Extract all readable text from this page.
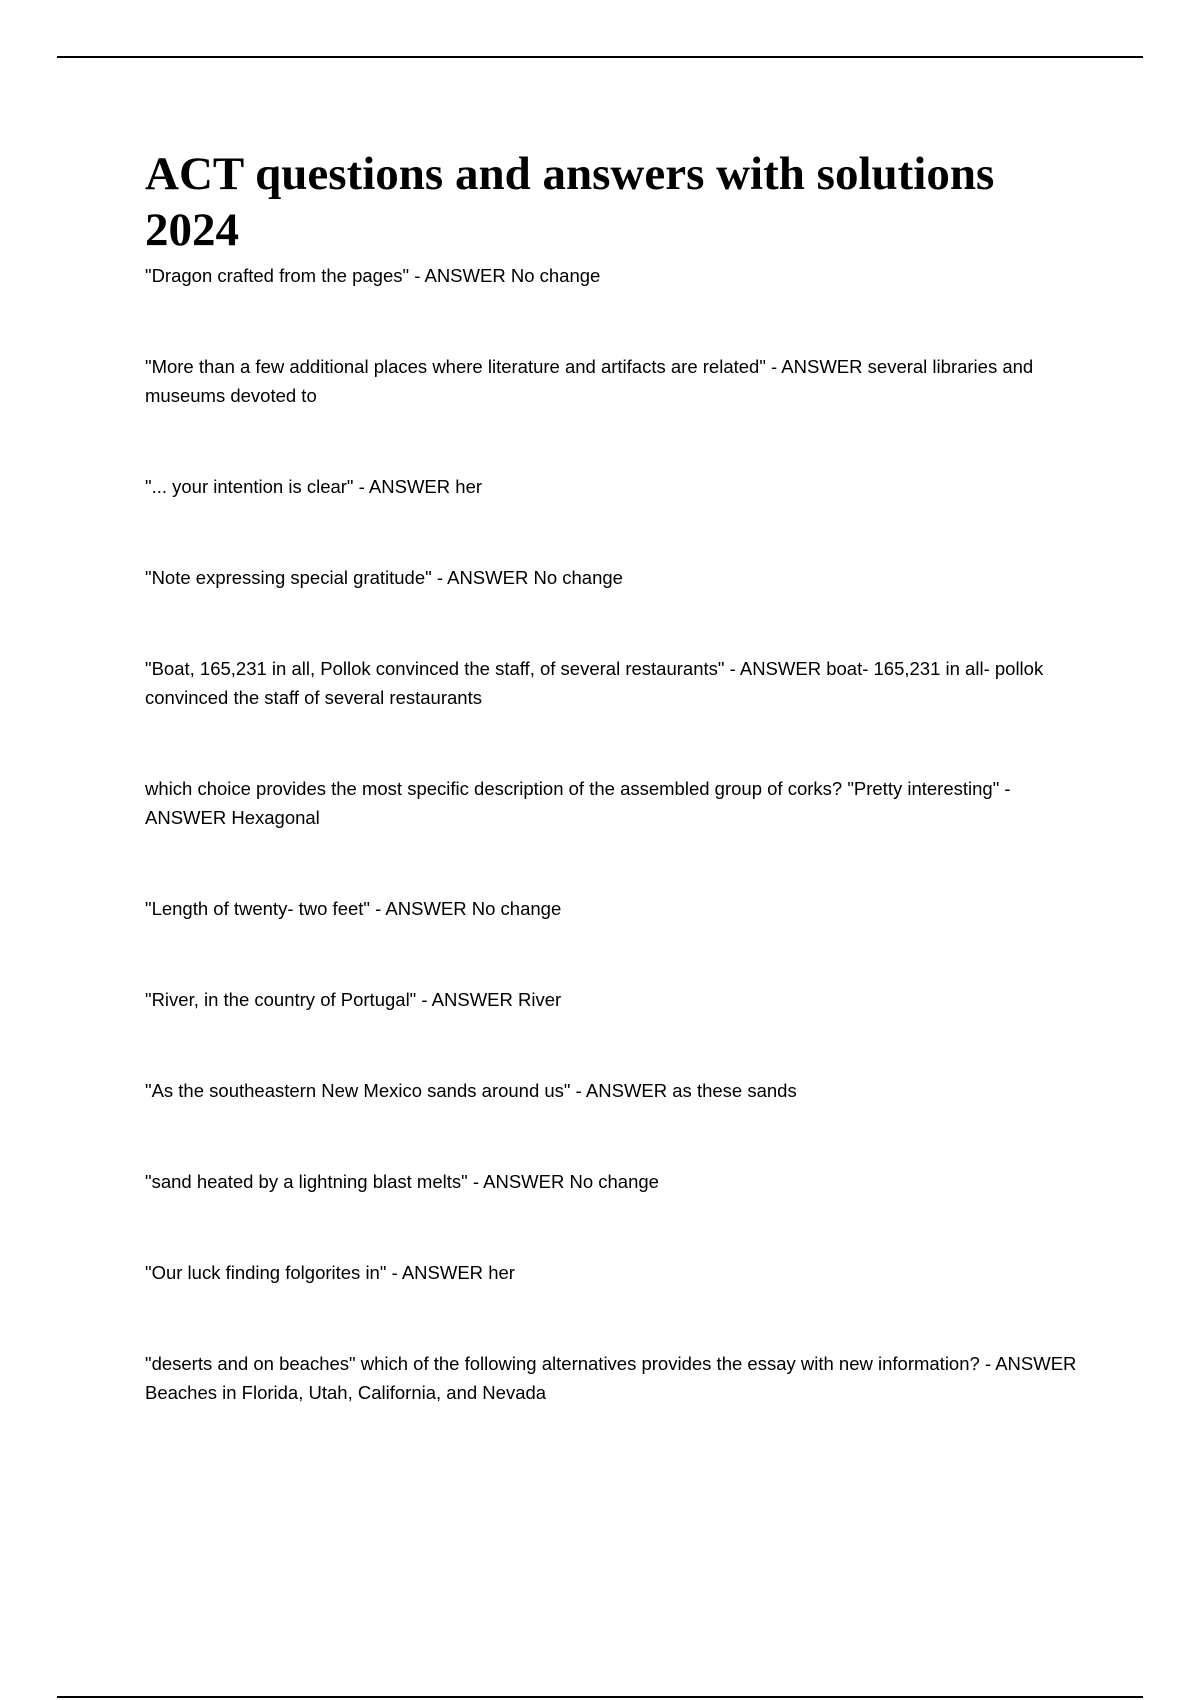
ACT questions and answers with solutions 2024
"Dragon crafted from the pages" - ANSWER No change
"More than a few additional places where literature and artifacts are related" - ANSWER several libraries and museums devoted to
"... your intention is clear" - ANSWER her
"Note expressing special gratitude" - ANSWER No change
"Boat, 165,231 in all, Pollok convinced the staff, of several restaurants" - ANSWER boat- 165,231 in all- pollok convinced the staff of several restaurants
which choice provides the most specific description of the assembled group of corks? "Pretty interesting" - ANSWER Hexagonal
"Length of twenty- two feet" - ANSWER No change
"River, in the country of Portugal" - ANSWER River
"As the southeastern New Mexico sands around us" - ANSWER as these sands
"sand heated by a lightning blast melts" - ANSWER No change
"Our luck finding folgorites in" - ANSWER her
"deserts and on beaches" which of the following alternatives provides the essay with new information? - ANSWERBeaches in Florida, Utah, California, and Nevada
